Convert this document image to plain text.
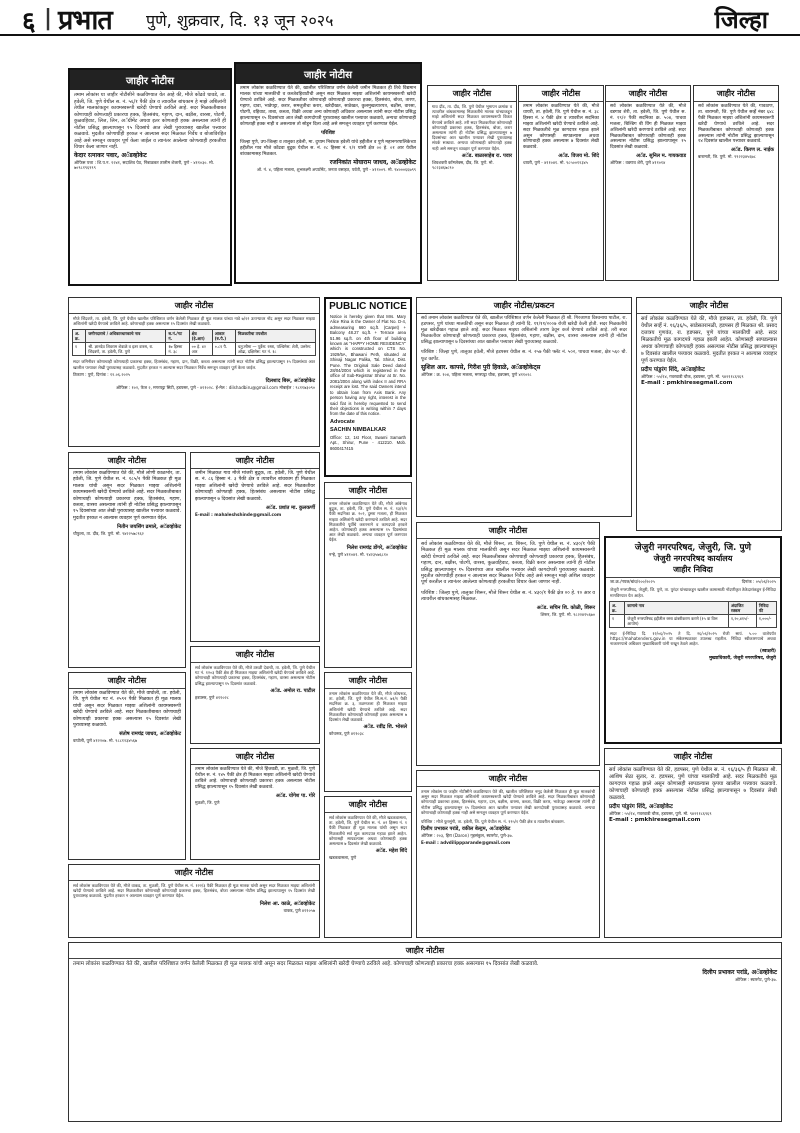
६ | प्रभात पुणे, शुक्रवार, दि. १३ जून २०२५	जिल्हा
जाहीर नोटीस
तमाम लोकांस या जाहीर नोटीसीने कळविण्यात येत आहे की, मौजे कोंढवे धावडे, ता. हवेली, जि. पुणे येथील स. नं. ५६/१ पैकी क्षेत्र व त्यावरील बांधकाम हे माझे अशिलांनी तेथील मालकांकडून कायमस्वरूपी खरेदी घेण्याचे ठरविले आहे. सदर मिळकतीबाबत कोणाचाही कोणत्याही प्रकारचा हक्क, हितसंबंध, गहाण, दान, बक्षीस, वारसा, पोटगी, कुळवहिवाट, लिज, लिन, अॅग्रीमेंट अथवा इतर कोणताही हक्क असल्यास त्यांनी ही नोटीस प्रसिद्ध झाल्यापासून १५ दिवसांचे आत लेखी पुराव्यासह खालील पत्त्यावर कळवावे. मुदतीत कोणाचीही हरकत न आल्यास सदर मिळकत निर्वेध व बोजाविरहित आहे असे समजून व्यवहार पूर्ण केला जाईल व त्यानंतर आलेल्या कोणत्याही हरकतीचा विचार केला जाणार नाही.
केदार रत्नाकर पवार, अॅडव्होकेट
ऑफिस पत्ता : शि.प.न. १२४१, सदाशिव पेठ, निंबाळकर तालीम शेजारी, पुणे - ४११०३०. मो. ७०९८१९६९९९
जाहीर नोटीस
तमाम लोकांस कळविण्यात येते की, खालील परिशिष्टात वर्णन केलेली जमीन मिळकत ही तिचे विद्यमान मालक यांच्या मालकीची व कब्जेवहिवाटीची असून सदर मिळकत माझ्या अशिलांनी कायमस्वरूपी खरेदी घेण्याचे ठरविले आहे. सदर मिळकतीवर कोणाचाही कोणत्याही प्रकारचा हक्क, हितसंबंध, बोजा, तारण, गहाण, दावा, भाडेपट्टा, करार, समजुतीचा करार, खरेदीखत, साठेखत, कुलमुखत्यारपत्र, बक्षीस, वारसा, पोटगी, वहिवाट, ताबा, कब्जा, विक्री अथवा अन्य कोणताही अधिकार असल्यास त्यांनी सदर नोटीस प्रसिद्ध झाल्यापासून १५ दिवसांच्या आत लेखी कागदोपत्री पुराव्यासह खालील पत्त्यावर कळवावे, अन्यथा कोणाचाही कोणताही हक्क नाही व असल्यास तो सोडून दिला आहे असे समजून व्यवहार पूर्ण करण्यात येईल.
परिशिष्ट
जिल्हा पुणे, उप-जिल्हा व तालुका हवेली, मा. दुय्यम निबंधक हवेली यांचे हद्दीतील व पुणे महानगरपालिकेच्या हद्दीतील गाव मौजे कोंढवा बुद्रुक येथील स. नं. २८ हिस्सा नं. १/१ यांसी क्षेत्र ०० हे. ०१ आर येथील बांधकामासह मिळकत.
रजनिकांत मोघाराम जाधव, अॅडव्होकेट
ऑ. नं. ४, पहिला मजला, शुभलक्ष्मी अपार्टमेंट, जनता वसाहत, पर्वती, पुणे - ४११००९. मो. ९४०००६६७९९
जाहीर नोटीस
गाव दौंड, ता. दौंड, जि. पुणे येथील भूमापन क्रमांक व त्यावरील बांधकामासह मिळकतीचे मालक यांच्याकडून माझे अशिलांनी सदर मिळकत कायमस्वरूपी विकत घेण्याचे ठरविले आहे. तरी सदर मिळकतीवर कोणाचाही कोणत्याही प्रकारचा हक्क, हितसंबंध, बोजा, करार असल्यास त्यांनी ही नोटीस प्रसिद्ध झाल्यापासून ७ दिवसांच्या आत खालील पत्त्यावर लेखी पुराव्यासह संपर्क साधावा. अन्यथा कोणाचाही कोणताही हक्क नाही असे समजून व्यवहार पूर्ण करण्यात येईल.
अॅड. बाळासाहेब रा. पवार
शिवशक्ती कॉम्प्लेक्स, दौंड, जि. पुणे. मो. ९८२३४६७८९०
जाहीर नोटीस
तमाम लोकांस कळविण्यात येते की, मौजे धायरी, ता. हवेली, जि. पुणे येथील स. नं. ३८ हिस्सा नं. ४ पैकी क्षेत्र व त्यावरील सदनिका माझ्या अशिलांनी खरेदी घेण्याचे ठरविले आहे. सदर मिळकतीचे मूळ कागदपत्र गहाळ झाले असून कोणासही सापडल्यास अथवा कोणाचाही हक्क असल्यास ७ दिवसांत लेखी कळवावे.
अॅड. विजय मो. शिंदे
धायरी, पुणे - ४११०४१. मो. ९८५००१२३४५
जाहीर नोटीस
सर्व लोकांस कळविण्यात येते की, मौजे वडगाव शेरी, ता. हवेली, जि. पुणे येथील स. नं. १९/२ पैकी सदनिका क्र. ५०४, पाचवा मजला, बिल्डिंग बी विंग ही मिळकत माझ्या अशिलांनी खरेदी करण्याचे ठरविले आहे. सदर मिळकतीबाबत कोणाचाही कोणताही हक्क असल्यास नोटीस प्रसिद्ध झाल्यापासून १५ दिवसांत लेखी कळवावे.
अॅड. सुनिल म. गायकवाड
ऑफिस : वडगाव शेरी, पुणे ४११०१४
जाहीर नोटीस
सर्व लोकांस कळविण्यात येते की, गावठाण, ता. बारामती, जि. पुणे येथील सर्व्हे नंबर ६४८ पैकी मिळकत माझ्या अशिलांनी कायमस्वरूपी खरेदी घेण्याचे ठरविले आहे. सदर मिळकतीबाबत कोणाचाही कोणताही हक्क असल्यास त्यांनी नोटीस प्रसिद्ध झाल्यापासून १४ दिवसांत खालील पत्त्यावर कळवावे.
अॅड. किरण ल. नाईक
बारामती, जि. पुणे. मो. ९९२२३४५६७८
जाहीर नोटीस
मौजे शिंदवणे, ता. हवेली, जि. पुणे येथील खालील परिशिष्टात वर्णन केलेली मिळकत ही मूळ मालक यांच्या नावे ७/१२ उताऱ्यावर नोंद असून सदर मिळकत माझ्या अशिलांनी खरेदी घेण्याचे ठरविले आहे. कोणाचाही हक्क असल्यास १५ दिवसांत लेखी कळवावे.
अ. क्र.	जमीनदाराचे / अधिकारधारकाचे नाव	स.नं./गट नं.	क्षेत्र (हे.आर)	आकार (रु.पै.)	मिळकतीचा तपशील
१	श्री. ज्ञानदेव शिवराम शेवाळे व इतर वारस, रा. शिंदवणे, ता. हवेली, जि. पुणे	१७ हिस्सा नं. ३८	०० हे. ४२ आर	०.८१ पै.	चतु:सीमा — पूर्वेस: रस्ता, पश्चिमेस: शेती, उत्तरेस: ओढा, दक्षिणेस: गट नं. १८
सदर जमिनीवर कोणाचाही कोणत्याही प्रकारचा हक्क, हितसंबंध, गहाण, दान, विक्री, कब्जा असल्यास त्यांनी सदर नोटीस प्रसिद्ध झाल्यापासून १५ दिवसांच्या आत खालील पत्त्यावर लेखी पुराव्यासह कळवावे. मुदतीत हरकत न आल्यास सदर मिळकत निर्वेध समजून व्यवहार पूर्ण केला जाईल.
ठिकाण : पुणे, दिनांक : १२.०६.२०२५
दिलशाद बिरू, अॅडव्होकेट
ऑफिस : १०२, फेज २, मगरपट्टा सिटी, हडपसर, पुणे - ४११०२८. ई-मेल : dilshadbiru@gmail.com मोबाईल : ९८११७३०९०
PUBLIC NOTICE
Notice is hereby given that Mrs. Mary Alice Rina is the Owner of Flat No. D-4, admeasuring 660 sq.ft. (Carpet) + Balcony 48.27 sq.ft. + Terrace area 51.96 sq.ft. on 4th floor of building known as "HAPPY HOME RESIDENCY" which is constructed on CTS No. 1929/5A, Bhawani Peth, situated at Shivaji Nagar Palika, Tal. Shirur, Dist. Pune. The Original Sale Deed dated 28/04/2004 which is registered in the office of Sub-Registrar Shirur at Sr. No. 2081/2004 along with index II and RRA receipt are lost. The said Owners intend to obtain loan from Axis Bank. Any person having any right, interest in the said flat is hereby requested to send their objections in writing within 7 days from the date of this notice.
Advocate
SACHIN NIMBALKAR
Office: 12, 1st Floor, Swami Samarth Apt., Shirur, Pune - 412210. Mob. 8600417415
जाहीर नोटीस
तमाम लोकांस कळविण्यात येते की, मौजे लोणी काळभोर, ता. हवेली, जि. पुणे येथील स. नं. १८५/२ पैकी मिळकत ही मूळ मालक यांची असून सदर मिळकत माझ्या अशिलांनी कायमस्वरूपी खरेदी घेण्याचे ठरविले आहे. सदर मिळकतीबाबत कोणाचाही कोणत्याही प्रकारचा हक्क, हितसंबंध, गहाण, कब्जा, वारसा असल्यास त्यांनी ही नोटीस प्रसिद्ध झाल्यापासून १५ दिवसांच्या आत लेखी पुराव्यासह खालील पत्त्यावर कळवावे. मुदतीत हरकत न आल्यास व्यवहार पूर्ण करण्यात येईल.
नितीन जयसिंग ढमाले, अॅडव्होकेट
चौफुला, ता. दौंड, जि. पुणे. मो. ९४२२५७८९६२
जाहीर नोटीस
जमीन मिळकत गाव मौजे मांजरी बुद्रुक, ता. हवेली, जि. पुणे येथील स. नं. ८६ हिस्सा नं. ३ पैकी क्षेत्र व त्यावरील बांधकाम ही मिळकत माझ्या अशिलांनी खरेदी घेण्याचे ठरविले आहे. सदर मिळकतीवर कोणाचाही कोणताही हक्क, हितसंबंध असल्यास नोटीस प्रसिद्ध झाल्यापासून ७ दिवसांत लेखी कळवावे.
अॅड. प्रशांत मा. कुलकर्णी
E-mail : mahaleshshinde@gmail.com
जाहीर नोटीस
तमाम लोकांस कळविण्यात येते की, मौजे आंबेगाव बुद्रुक, ता. हवेली, जि. पुणे येथील स. नं. १३/२/१ पैकी सदनिका क्र. २०२, दुसरा मजला, ही मिळकत माझ्या अशिलांनी खरेदी करण्याचे ठरविले आहे. सदर मिळकतीचे पूर्वीचे करारनामे व कागदपत्रे हरवले आहेत. कोणाचाही हक्क असल्यास १५ दिवसांच्या आत लेखी कळवावे. अन्यथा व्यवहार पूर्ण करण्यात येईल.
निलेश रामचंद्र डोंगरे, अॅडव्होकेट
नऱ्हे, पुणे ४११०४१. मो. ९४२३५७६८१०
जाहीर नोटीस
सर्व लोकांस कळविण्यात येते की, मौजे उरुळी देवाची, ता. हवेली, जि. पुणे येथील गट नं. १२०३ पैकी क्षेत्र ही मिळकत माझ्या अशिलांनी खरेदी घेण्याचे ठरविले आहे. कोणाचाही कोणत्याही प्रकारचा हक्क, हितसंबंध, गहाण, वारसा असल्यास नोटीस प्रसिद्ध झाल्यापासून १५ दिवसांत कळवावे.
अॅड. अमोल रा. पाटील
हडपसर, पुणे ४११०२८
जाहीर नोटीस
तमाम लोकांस कळविण्यात येते की, मौजे वाघोली, ता. हवेली, जि. पुणे येथील गट नं. २५९२ पैकी मिळकत ही मूळ मालक यांची असून सदर मिळकत माझ्या अशिलांनी कायमस्वरूपी खरेदी घेण्याचे ठरविले आहे. सदर मिळकतीबाबत कोणाचाही कोणत्याही प्रकारचा हक्क असल्यास १५ दिवसांत लेखी पुराव्यासह कळवावे.
संतोष रामचंद्र जाधव, अॅडव्होकेट
वाघोली, पुणे ४१२२०७. मो. ९८८१२३४५६७
जाहीर नोटीस
तमाम लोकांस कळविण्यात येते की, मौजे कोथरूड, ता. हवेली, जि. पुणे येथील सि.स.नं. ७१/१ पैकी सदनिका क्र. ३, तळमजला ही मिळकत माझ्या अशिलांनी खरेदी घेण्याचे ठरविले आहे. सदर मिळकतीवर कोणाचाही कोणताही हक्क असल्यास ७ दिवसांत लेखी कळवावे.
अॅड. रवींद्र शि. भोसले
कोथरूड, पुणे ४११०३८
जाहीर नोटीस
तमाम लोकांस कळविण्यात येते की, मौजे हिंजवडी, ता. मुळशी, जि. पुणे येथील स. नं. १४५ पैकी क्षेत्र ही मिळकत माझ्या अशिलांनी खरेदी घेण्याचे ठरविले आहे. कोणाचाही कोणत्याही प्रकारचा हक्क असल्यास नोटीस प्रसिद्ध झाल्यापासून १५ दिवसांत लेखी कळवावे.
अॅड. योगेश पा. गोरे
मुळशी, जि. पुणे	जाहीर नोटीस
सर्व लोकांस कळविण्यात येते की, मौजे खडकवासला, ता. हवेली, जि. पुणे येथील स. नं. ४२ हिस्सा नं. १ पैकी मिळकत ही मूळ मालक यांची असून सदर मिळकतीचे सर्व मूळ कागदपत्र गहाळ झाले आहेत. कोणासही सापडल्यास अथवा कोणाचाही हक्क असल्यास ७ दिवसांत लेखी कळवावे.
अॅड. महेश शिंदे
खडकवासला, पुणे
जाहीर नोटीस
सर्व लोकांस कळविण्यात येते की, मौजे वाकड, ता. मुळशी, जि. पुणे येथील स. नं. १२२/३ पैकी मिळकत ही मूळ मालक यांची असून सदर मिळकत माझ्या अशिलांनी खरेदी घेण्याचे ठरविले आहे. सदर मिळकतीवर कोणाचाही कोणत्याही प्रकारचा हक्क, हितसंबंध, बोजा असल्यास नोटीस प्रसिद्ध झाल्यापासून १५ दिवसांत लेखी पुराव्यासह कळवावे. मुदतीत हरकत न आल्यास व्यवहार पूर्ण करण्यात येईल.
निलेश आ. काळे, अॅडव्होकेट
वाकड, पुणे ४११०५७
जाहीर नोटीस/प्रकटन
सर्व तमाम लोकांस कळविण्यात येते की, खालील परिशिष्टात वर्णन केलेली मिळकत ही श्री. गिरजाप्पा विश्वनाथ पाटील, रा. हडपसर, पुणे यांच्या मालकीची असून सदर मिळकत ही त्यांनी दि. ११/११/२००७ रोजी खरेदी केली होती. सदर मिळकतीचे मूळ खरेदीखत गहाळ झाले आहे. सदर मिळकत माझ्या अशिलांनी तारण ठेवून कर्ज घेण्याचे ठरविले आहे. तरी सदर मिळकतीवर कोणाचाही कोणत्याही प्रकारचा हक्क, हितसंबंध, गहाण, बक्षीस, दान, वारसा असल्यास त्यांनी ही नोटीस प्रसिद्ध झाल्यापासून ७ दिवसांच्या आत खालील पत्त्यावर लेखी पुराव्यासह कळवावे.
परिशिष्ट : जिल्हा पुणे, तालुका हवेली, मौजे हडपसर येथील स. नं. २५७ पैकी फ्लॅट नं. ५०२, पाचवा मजला, क्षेत्र ५६० चौ. फूट कार्पेट.
सुशिल आर. कापसे, गिरीश पुरी हिवाळे, अॅडव्होकेट्स
ऑफिस : क्र. १०४, पहिला मजला, मगरपट्टा चौक, हडपसर, पुणे ४११०२८
जाहीर नोटीस
सर्व लोकांस कळविण्यात येते की, मौजे हडपसर, ता. हवेली, जि. पुणे येथील सर्व्हे नं. १६/३६/५, साडेसतरानळी, हडपसर ही मिळकत श्री. प्रसाद दत्तात्रय गुणवंत, रा. हडपसर, पुणे यांच्या मालकीची आहे. सदर मिळकतीचे मूळ कागदपत्रे गहाळ झाली आहेत. कोणासही सापडल्यास अथवा कोणाचाही कोणताही हक्क असल्यास नोटीस प्रसिद्ध झाल्यापासून ७ दिवसांत खालील पत्त्यावर कळवावे. मुदतीत हरकत न आल्यास व्यवहार पूर्ण करण्यात येईल.
प्रदीप पांडुरंग शिंदे, अॅडव्होकेट
ऑफिस : ५५/१४, गवरवाडी चौक, हडपसर, पुणे. मो. ९४२११८६९६९
E-mail : pmkhiresegmail.com
जेजुरी नगरपरिषद, जेजुरी, जि. पुणे
जेजुरी नगरपरिषद कार्यालय
जाहीर निविदा
जा.क्र./नपज/बांध/१००/२०२५	दिनांक : ०५/०६/२०२५
जेजुरी नगरपरिषद, जेजुरी, जि. पुणे, ता. पुरंदर यांच्याकडून खालील कामासाठी नोंदणीकृत ठेकेदारांकडून ई-निविदा मागविण्यात येत आहेत.
अ. क्र.	कामाचे नाव	अंदाजित रक्कम	निविदा फी
१	जेजुरी नगरपरिषद हद्दीतील रस्ता डांबरीकरण करणे (१५ वा वित्त आयोग)	१,२०,४१५/-	१,०००/-
सदर ई-निविदा दि. १२/०६/२०२५ ते दि. २६/०६/२०२५ रोजी सायं. ५.०० वाजेपर्यंत https://mahatenders.gov.in या संकेतस्थळावर उपलब्ध राहतील. निविदा स्वीकारण्याचे अथवा नाकारण्याचे अधिकार मुख्याधिकारी यांनी राखून ठेवले आहेत.
(स्वाक्षरी)
मुख्याधिकारी, जेजुरी नगरपरिषद, जेजुरी
जाहीर नोटीस
सर्व लोकांस कळविण्यात येते की, मौजे शिरूर, ता. शिरूर, जि. पुणे येथील स. नं. ४३०/१ पैकी मिळकत ही मूळ मालक यांच्या मालकीची असून सदर मिळकत माझ्या अशिलांनी कायमस्वरूपी खरेदी घेण्याचे ठरविले आहे. सदर मिळकतीबाबत कोणाचाही कोणत्याही प्रकारचा हक्क, हितसंबंध, गहाण, दान, बक्षीस, पोटगी, वारसा, कुळवहिवाट, कब्जा, विक्री करार असल्यास त्यांनी ही नोटीस प्रसिद्ध झाल्यापासून १५ दिवसांच्या आत खालील पत्त्यावर लेखी कागदोपत्री पुराव्यासह कळवावे. मुदतीत कोणाचीही हरकत न आल्यास सदर मिळकत निर्वेध आहे असे समजून माझे अशिल व्यवहार पूर्ण करतील व त्यानंतर आलेल्या कोणत्याही हरकतीचा विचार केला जाणार नाही.
परिशिष्ट : जिल्हा पुणे, तालुका शिरूर, मौजे शिरूर येथील स. नं. ४३०/१ पैकी क्षेत्र ०० हे. १० आर व त्यावरील बांधकामासह मिळकत.
अॅड. सचिन शि. कोळी, शिरूर
शिरूर, जि. पुणे. मो. ९८२२४१५६७०
जाहीर नोटीस
सर्व लोकांस कळविण्यात येते की, हडपसर, पुणे येथील स. नं. १६/३६/५ ही मिळकत श्री. आशिष सेठा सुतार, रा. हडपसर, पुणे यांच्या मालकीची आहे. सदर मिळकतीचे मूळ कागदपत्र गहाळ झाले असून कोणासही सापडल्यास कृपया खालील पत्त्यावर कळवावे. कोणाचाही कोणताही हक्क असल्यास नोटीस प्रसिद्ध झाल्यापासून ७ दिवसांत लेखी कळवावे.
प्रदीप पांडुरंग शिंदे, अॅडव्होकेट
ऑफिस : ५५/१४, गवरवाडी चौक, हडपसर, पुणे. मो. ९४२११८६९६९
E-mail : pmkhiresegmail.com
जाहीर नोटीस
तमाम लोकांस या जाहीर नोटीसीने कळविण्यात येते की, खालील परिशिष्टात नमूद केलेली मिळकत ही मूळ मालकांची असून सदर मिळकत माझ्या अशिलांनी कायमस्वरूपी खरेदी घेण्याचे ठरविले आहे. सदर मिळकतीबाबत कोणाचाही कोणत्याही प्रकारचा हक्क, हितसंबंध, गहाण, दान, बक्षीस, वारसा, कब्जा, विक्री करार, भाडेपट्टा असल्यास त्यांनी ही नोटीस प्रसिद्ध झाल्यापासून १५ दिवसांच्या आत खालील पत्त्यावर लेखी कागदोपत्री पुराव्यासह कळवावे. अन्यथा कोणाचाही कोणताही हक्क नाही असे समजून व्यवहार पूर्ण करण्यात येईल.
परिशिष्ट : मौजे फुरसुंगी, ता. हवेली, जि. पुणे येथील स. नं. १९५/१ पैकी क्षेत्र व त्यावरील बांधकाम.
दिलीप प्रभाकर परांडे, वकील बेल्ट्रम, अॅडव्होकेट
ऑफिस : २०३, हिरा (Daron) गृहसंकुल, स्वारगेट, पुणे-३७.
E-mail : advdilippparande@gmail.com
जाहीर नोटीस
तमाम लोकांस कळविण्यात येते की, खालील परिशिष्टात वर्णन केलेली मिळकत ही मूळ मालक यांची असून सदर मिळकत माझ्या अशिलांनी खरेदी घेण्याचे ठरविले आहे. कोणाचाही कोणत्याही प्रकारचा हक्क असल्यास १५ दिवसांत लेखी कळवावे.
दिलीप प्रभाकर परांडे, अॅडव्होकेट
ऑफिस : स्वारगेट, पुणे-३७.
